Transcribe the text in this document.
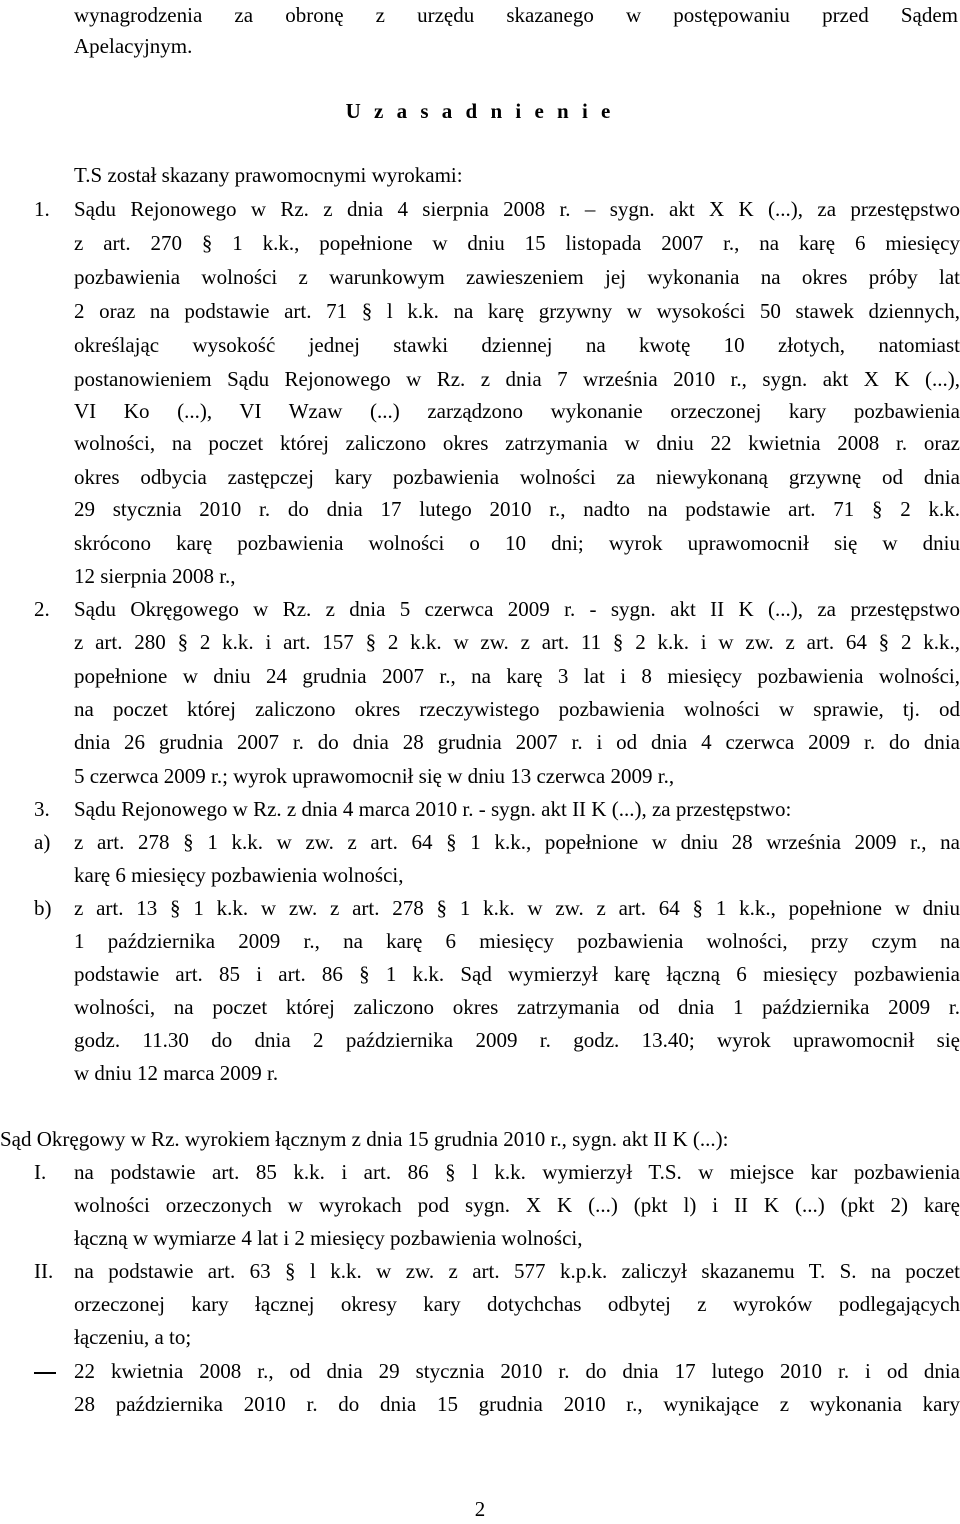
wynagrodzenia za obronę z urzędu skazanego w postępowaniu przed Sądem
Apelacyjnym.
U z a s a d n i e n i e
T.S został skazany prawomocnymi wyrokami:
1. Sądu Rejonowego w Rz. z dnia 4 sierpnia 2008 r. – sygn. akt X K (...), za przestępstwo
z art. 270 § 1 k.k., popełnione w dniu 15 listopada 2007 r., na karę 6 miesięcy
pozbawienia wolności z warunkowym zawieszeniem jej wykonania na okres próby lat
2 oraz na podstawie art. 71 § l k.k. na karę grzywny w wysokości 50 stawek dziennych,
określając wysokość jednej stawki dziennej na kwotę 10 złotych, natomiast
postanowieniem Sądu Rejonowego w Rz. z dnia 7 września 2010 r., sygn. akt X K (...),
VI Ko (...), VI Wzaw (...) zarządzono wykonanie orzeczonej kary pozbawienia
wolności, na poczet której zaliczono okres zatrzymania w dniu 22 kwietnia 2008 r. oraz
okres odbycia zastępczej kary pozbawienia wolności za niewykonaną grzywnę od dnia
29 stycznia 2010 r. do dnia 17 lutego 2010 r., nadto na podstawie art. 71 § 2 k.k.
skrócono karę pozbawienia wolności o 10 dni; wyrok uprawomocnił się w dniu
12 sierpnia 2008 r.,
2. Sądu Okręgowego w Rz. z dnia 5 czerwca 2009 r. - sygn. akt II K (...), za przestępstwo
z art. 280 § 2 k.k. i art. 157 § 2 k.k. w zw. z art. 11 § 2 k.k. i w zw. z art. 64 § 2 k.k.,
popełnione w dniu 24 grudnia 2007 r., na karę 3 lat i 8 miesięcy pozbawienia wolności,
na poczet której zaliczono okres rzeczywistego pozbawienia wolności w sprawie, tj. od
dnia 26 grudnia 2007 r. do dnia 28 grudnia 2007 r. i od dnia 4 czerwca 2009 r. do dnia
5 czerwca 2009 r.; wyrok uprawomocnił się w dniu 13 czerwca 2009 r.,
3. Sądu Rejonowego w Rz. z dnia 4 marca 2010 r. - sygn. akt II K (...), za przestępstwo:
a) z art. 278 § 1 k.k. w zw. z art. 64 § 1 k.k., popełnione w dniu 28 września 2009 r., na
karę 6 miesięcy pozbawienia wolności,
b) z art. 13 § 1 k.k. w zw. z art. 278 § 1 k.k. w zw. z art. 64 § 1 k.k., popełnione w dniu
1 października 2009 r., na karę 6 miesięcy pozbawienia wolności, przy czym na
podstawie art. 85 i art. 86 § 1 k.k. Sąd wymierzył karę łączną 6 miesięcy pozbawienia
wolności, na poczet której zaliczono okres zatrzymania od dnia 1 października 2009 r.
godz. 11.30 do dnia 2 października 2009 r. godz. 13.40; wyrok uprawomocnił się
w dniu 12 marca 2009 r.
Sąd Okręgowy w Rz. wyrokiem łącznym z dnia 15 grudnia 2010 r., sygn. akt II K (...):
I. na podstawie art. 85 k.k. i art. 86 § l k.k. wymierzył T.S. w miejsce kar pozbawienia
wolności orzeczonych w wyrokach pod sygn. X K (...) (pkt l) i II K (...) (pkt 2) karę
łączną w wymiarze 4 lat i 2 miesięcy pozbawienia wolności,
II. na podstawie art. 63 § l k.k. w zw. z art. 577 k.p.k. zaliczył skazanemu T. S. na poczet
orzeczonej kary łącznej okresy kary dotychchas odbytej z wyroków podlegających
łączeniu, a to;
22 kwietnia 2008 r., od dnia 29 stycznia 2010 r. do dnia 17 lutego 2010 r. i od dnia
28 października 2010 r. do dnia 15 grudnia 2010 r., wynikające z wykonania kary
2
